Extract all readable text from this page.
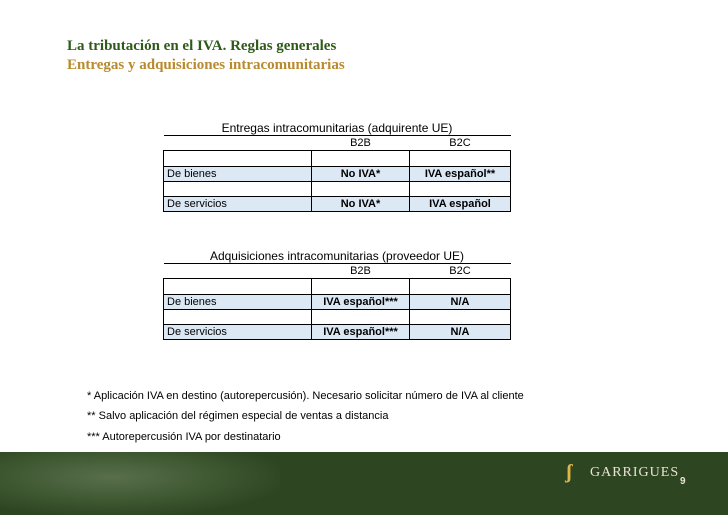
La tributación en el IVA. Reglas generales
Entregas y adquisiciones intracomunitarias
Entregas intracomunitarias (adquirente UE)		
	B2B	B2C

De bienes	No IVA*	IVA español**

De servicios	No IVA*	IVA español
Adquisiciones intracomunitarias (proveedor UE)		
	B2B	B2C

De bienes	IVA español***	N/A

De servicios	IVA español***	N/A
* Aplicación IVA en destino (autorepercusión). Necesario solicitar número de IVA al cliente
** Salvo aplicación del régimen especial de ventas a distancia
*** Autorepercusión IVA por destinatario
ʃ	GARRIGUES
9
